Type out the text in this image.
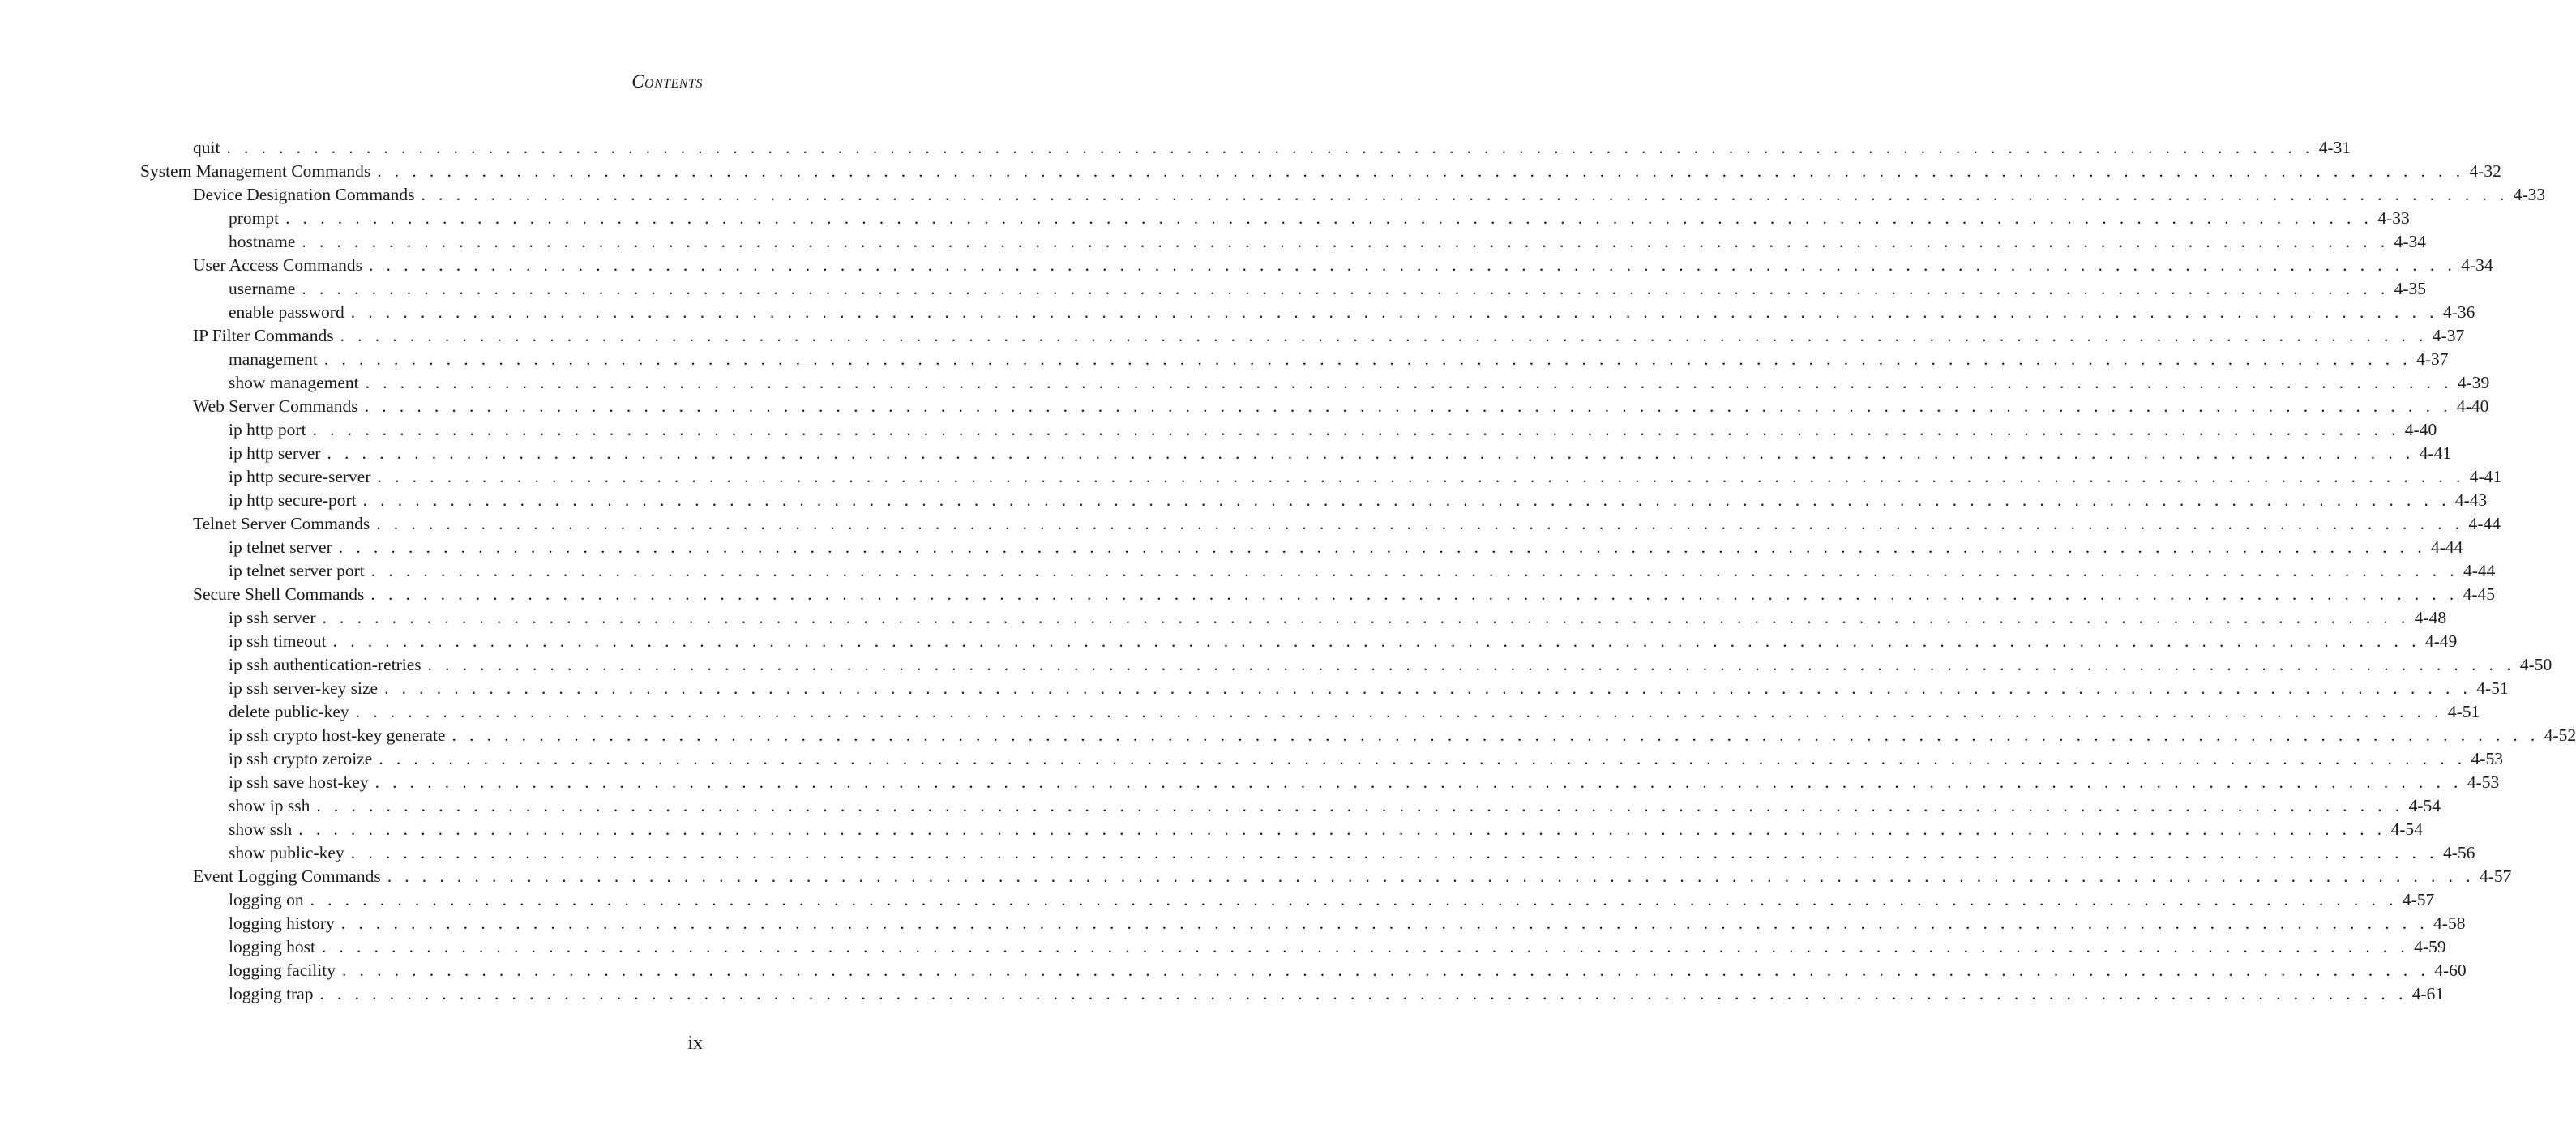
Contents
quit . . . . . . . . . . . . . . . . . . . . . . . . . . . . . . . . . . . . . . . . . . . . . . . . . . . . . . . . . . . . . . . . . . . . . . . . . . . . . . . . . . . . . . . . . . . . . . . . . . . . . . . . . . . . . . . . . . . . . . . . 4-31
System Management Commands . . . . . . . . . . . . . . . . . . . . . . . . . . . . . . . . . . . . . . . . . . . . . . . . . . . . . . . . . . . . . . . . . . . . . . . . . . . . . . . . . . . . . . . . . . . . . . . . . . . . . . . . . . . . . . . . . . . . . . . . 4-32
Device Designation Commands . . . . . . . . . . . . . . . . . . . . . . . . . . . . . . . . . . . . . . . . . . . . . . . . . . . . . . . . . . . . . . . . . . . . . . . . . . . . . . . . . . . . . . . . . . . . . . . . . . . . . . . . . . . . . . . . . . . . . . . . 4-33
prompt . . . . . . . . . . . . . . . . . . . . . . . . . . . . . . . . . . . . . . . . . . . . . . . . . . . . . . . . . . . . . . . . . . . . . . . . . . . . . . . . . . . . . . . . . . . . . . . . . . . . . . . . . . . . . . . . . . . . . . . . 4-33
hostname . . . . . . . . . . . . . . . . . . . . . . . . . . . . . . . . . . . . . . . . . . . . . . . . . . . . . . . . . . . . . . . . . . . . . . . . . . . . . . . . . . . . . . . . . . . . . . . . . . . . . . . . . . . . . . . . . . . . . . . . 4-34
User Access Commands . . . . . . . . . . . . . . . . . . . . . . . . . . . . . . . . . . . . . . . . . . . . . . . . . . . . . . . . . . . . . . . . . . . . . . . . . . . . . . . . . . . . . . . . . . . . . . . . . . . . . . . . . . . . . . . . . . . . . . . . 4-34
username . . . . . . . . . . . . . . . . . . . . . . . . . . . . . . . . . . . . . . . . . . . . . . . . . . . . . . . . . . . . . . . . . . . . . . . . . . . . . . . . . . . . . . . . . . . . . . . . . . . . . . . . . . . . . . . . . . . . . . . . 4-35
enable password . . . . . . . . . . . . . . . . . . . . . . . . . . . . . . . . . . . . . . . . . . . . . . . . . . . . . . . . . . . . . . . . . . . . . . . . . . . . . . . . . . . . . . . . . . . . . . . . . . . . . . . . . . . . . . . . . . . . . . . . 4-36
IP Filter Commands . . . . . . . . . . . . . . . . . . . . . . . . . . . . . . . . . . . . . . . . . . . . . . . . . . . . . . . . . . . . . . . . . . . . . . . . . . . . . . . . . . . . . . . . . . . . . . . . . . . . . . . . . . . . . . . . . . . . . . . . 4-37
management . . . . . . . . . . . . . . . . . . . . . . . . . . . . . . . . . . . . . . . . . . . . . . . . . . . . . . . . . . . . . . . . . . . . . . . . . . . . . . . . . . . . . . . . . . . . . . . . . . . . . . . . . . . . . . . . . . . . . . . . 4-37
show management . . . . . . . . . . . . . . . . . . . . . . . . . . . . . . . . . . . . . . . . . . . . . . . . . . . . . . . . . . . . . . . . . . . . . . . . . . . . . . . . . . . . . . . . . . . . . . . . . . . . . . . . . . . . . . . . . . . . . . . . 4-39
Web Server Commands . . . . . . . . . . . . . . . . . . . . . . . . . . . . . . . . . . . . . . . . . . . . . . . . . . . . . . . . . . . . . . . . . . . . . . . . . . . . . . . . . . . . . . . . . . . . . . . . . . . . . . . . . . . . . . . . . . . . . . . . 4-40
ip http port . . . . . . . . . . . . . . . . . . . . . . . . . . . . . . . . . . . . . . . . . . . . . . . . . . . . . . . . . . . . . . . . . . . . . . . . . . . . . . . . . . . . . . . . . . . . . . . . . . . . . . . . . . . . . . . . . . . . . . . . 4-40
ip http server . . . . . . . . . . . . . . . . . . . . . . . . . . . . . . . . . . . . . . . . . . . . . . . . . . . . . . . . . . . . . . . . . . . . . . . . . . . . . . . . . . . . . . . . . . . . . . . . . . . . . . . . . . . . . . . . . . . . . . . . 4-41
ip http secure-server . . . . . . . . . . . . . . . . . . . . . . . . . . . . . . . . . . . . . . . . . . . . . . . . . . . . . . . . . . . . . . . . . . . . . . . . . . . . . . . . . . . . . . . . . . . . . . . . . . . . . . . . . . . . . . . . . . . . . . . . 4-41
ip http secure-port . . . . . . . . . . . . . . . . . . . . . . . . . . . . . . . . . . . . . . . . . . . . . . . . . . . . . . . . . . . . . . . . . . . . . . . . . . . . . . . . . . . . . . . . . . . . . . . . . . . . . . . . . . . . . . . . . . . . . . . . 4-43
Telnet Server Commands . . . . . . . . . . . . . . . . . . . . . . . . . . . . . . . . . . . . . . . . . . . . . . . . . . . . . . . . . . . . . . . . . . . . . . . . . . . . . . . . . . . . . . . . . . . . . . . . . . . . . . . . . . . . . . . . . . . . . . . . 4-44
ip telnet server . . . . . . . . . . . . . . . . . . . . . . . . . . . . . . . . . . . . . . . . . . . . . . . . . . . . . . . . . . . . . . . . . . . . . . . . . . . . . . . . . . . . . . . . . . . . . . . . . . . . . . . . . . . . . . . . . . . . . . . . 4-44
ip telnet server port . . . . . . . . . . . . . . . . . . . . . . . . . . . . . . . . . . . . . . . . . . . . . . . . . . . . . . . . . . . . . . . . . . . . . . . . . . . . . . . . . . . . . . . . . . . . . . . . . . . . . . . . . . . . . . . . . . . . . . . . 4-44
Secure Shell Commands . . . . . . . . . . . . . . . . . . . . . . . . . . . . . . . . . . . . . . . . . . . . . . . . . . . . . . . . . . . . . . . . . . . . . . . . . . . . . . . . . . . . . . . . . . . . . . . . . . . . . . . . . . . . . . . . . . . . . . . . 4-45
ip ssh server . . . . . . . . . . . . . . . . . . . . . . . . . . . . . . . . . . . . . . . . . . . . . . . . . . . . . . . . . . . . . . . . . . . . . . . . . . . . . . . . . . . . . . . . . . . . . . . . . . . . . . . . . . . . . . . . . . . . . . . . 4-48
ip ssh timeout . . . . . . . . . . . . . . . . . . . . . . . . . . . . . . . . . . . . . . . . . . . . . . . . . . . . . . . . . . . . . . . . . . . . . . . . . . . . . . . . . . . . . . . . . . . . . . . . . . . . . . . . . . . . . . . . . . . . . . . . 4-49
ip ssh authentication-retries . . . . . . . . . . . . . . . . . . . . . . . . . . . . . . . . . . . . . . . . . . . . . . . . . . . . . . . . . . . . . . . . . . . . . . . . . . . . . . . . . . . . . . . . . . . . . . . . . . . . . . . . . . . . . . . . . . . . . . . . 4-50
ip ssh server-key size . . . . . . . . . . . . . . . . . . . . . . . . . . . . . . . . . . . . . . . . . . . . . . . . . . . . . . . . . . . . . . . . . . . . . . . . . . . . . . . . . . . . . . . . . . . . . . . . . . . . . . . . . . . . . . . . . . . . . . . . 4-51
delete public-key . . . . . . . . . . . . . . . . . . . . . . . . . . . . . . . . . . . . . . . . . . . . . . . . . . . . . . . . . . . . . . . . . . . . . . . . . . . . . . . . . . . . . . . . . . . . . . . . . . . . . . . . . . . . . . . . . . . . . . . . 4-51
ip ssh crypto host-key generate . . . . . . . . . . . . . . . . . . . . . . . . . . . . . . . . . . . . . . . . . . . . . . . . . . . . . . . . . . . . . . . . . . . . . . . . . . . . . . . . . . . . . . . . . . . . . . . . . . . . . . . . . . . . . . . . . . . . . . . . 4-52
ip ssh crypto zeroize . . . . . . . . . . . . . . . . . . . . . . . . . . . . . . . . . . . . . . . . . . . . . . . . . . . . . . . . . . . . . . . . . . . . . . . . . . . . . . . . . . . . . . . . . . . . . . . . . . . . . . . . . . . . . . . . . . . . . . . . 4-53
ip ssh save host-key . . . . . . . . . . . . . . . . . . . . . . . . . . . . . . . . . . . . . . . . . . . . . . . . . . . . . . . . . . . . . . . . . . . . . . . . . . . . . . . . . . . . . . . . . . . . . . . . . . . . . . . . . . . . . . . . . . . . . . . . 4-53
show ip ssh . . . . . . . . . . . . . . . . . . . . . . . . . . . . . . . . . . . . . . . . . . . . . . . . . . . . . . . . . . . . . . . . . . . . . . . . . . . . . . . . . . . . . . . . . . . . . . . . . . . . . . . . . . . . . . . . . . . . . . . . 4-54
show ssh . . . . . . . . . . . . . . . . . . . . . . . . . . . . . . . . . . . . . . . . . . . . . . . . . . . . . . . . . . . . . . . . . . . . . . . . . . . . . . . . . . . . . . . . . . . . . . . . . . . . . . . . . . . . . . . . . . . . . . . . 4-54
show public-key . . . . . . . . . . . . . . . . . . . . . . . . . . . . . . . . . . . . . . . . . . . . . . . . . . . . . . . . . . . . . . . . . . . . . . . . . . . . . . . . . . . . . . . . . . . . . . . . . . . . . . . . . . . . . . . . . . . . . . . . 4-56
Event Logging Commands . . . . . . . . . . . . . . . . . . . . . . . . . . . . . . . . . . . . . . . . . . . . . . . . . . . . . . . . . . . . . . . . . . . . . . . . . . . . . . . . . . . . . . . . . . . . . . . . . . . . . . . . . . . . . . . . . . . . . . . . 4-57
logging on . . . . . . . . . . . . . . . . . . . . . . . . . . . . . . . . . . . . . . . . . . . . . . . . . . . . . . . . . . . . . . . . . . . . . . . . . . . . . . . . . . . . . . . . . . . . . . . . . . . . . . . . . . . . . . . . . . . . . . . . 4-57
logging history . . . . . . . . . . . . . . . . . . . . . . . . . . . . . . . . . . . . . . . . . . . . . . . . . . . . . . . . . . . . . . . . . . . . . . . . . . . . . . . . . . . . . . . . . . . . . . . . . . . . . . . . . . . . . . . . . . . . . . . . 4-58
logging host . . . . . . . . . . . . . . . . . . . . . . . . . . . . . . . . . . . . . . . . . . . . . . . . . . . . . . . . . . . . . . . . . . . . . . . . . . . . . . . . . . . . . . . . . . . . . . . . . . . . . . . . . . . . . . . . . . . . . . . . 4-59
logging facility . . . . . . . . . . . . . . . . . . . . . . . . . . . . . . . . . . . . . . . . . . . . . . . . . . . . . . . . . . . . . . . . . . . . . . . . . . . . . . . . . . . . . . . . . . . . . . . . . . . . . . . . . . . . . . . . . . . . . . . . 4-60
logging trap . . . . . . . . . . . . . . . . . . . . . . . . . . . . . . . . . . . . . . . . . . . . . . . . . . . . . . . . . . . . . . . . . . . . . . . . . . . . . . . . . . . . . . . . . . . . . . . . . . . . . . . . . . . . . . . . . . . . . . . . 4-61
ix
